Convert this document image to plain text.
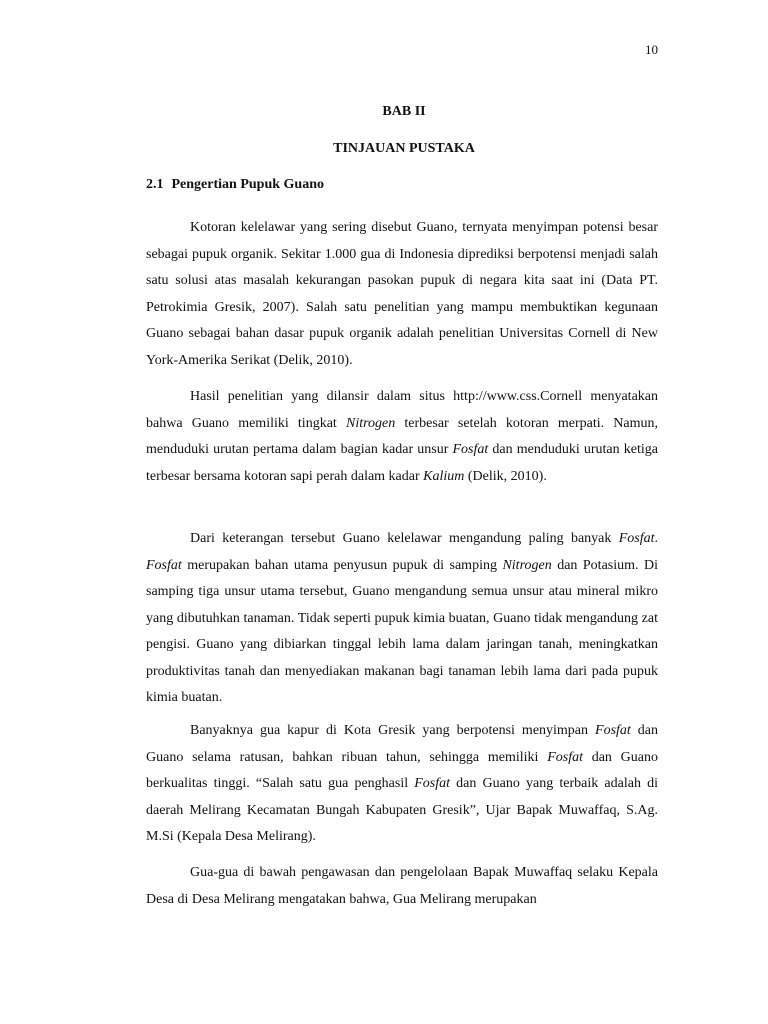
10
BAB II
TINJAUAN PUSTAKA
2.1 Pengertian Pupuk Guano

Kotoran kelelawar yang sering disebut Guano, ternyata menyimpan potensi besar sebagai pupuk organik. Sekitar 1.000 gua di Indonesia diprediksi berpotensi menjadi salah satu solusi atas masalah kekurangan pasokan pupuk di negara kita saat ini (Data PT. Petrokimia Gresik, 2007). Salah satu penelitian yang mampu membuktikan kegunaan Guano sebagai bahan dasar pupuk organik adalah penelitian Universitas Cornell di New York-Amerika Serikat (Delik, 2010).

Hasil penelitian yang dilansir dalam situs http://www.css.Cornell menyatakan bahwa Guano memiliki tingkat Nitrogen terbesar setelah kotoran merpati. Namun, menduduki urutan pertama dalam bagian kadar unsur Fosfat dan menduduki urutan ketiga terbesar bersama kotoran sapi perah dalam kadar Kalium (Delik, 2010).

Dari keterangan tersebut Guano kelelawar mengandung paling banyak Fosfat. Fosfat merupakan bahan utama penyusun pupuk di samping Nitrogen dan Potasium. Di samping tiga unsur utama tersebut, Guano mengandung semua unsur atau mineral mikro yang dibutuhkan tanaman. Tidak seperti pupuk kimia buatan, Guano tidak mengandung zat pengisi. Guano yang dibiarkan tinggal lebih lama dalam jaringan tanah, meningkatkan produktivitas tanah dan menyediakan makanan bagi tanaman lebih lama dari pada pupuk kimia buatan.

Banyaknya gua kapur di Kota Gresik yang berpotensi menyimpan Fosfat dan Guano selama ratusan, bahkan ribuan tahun, sehingga memiliki Fosfat dan Guano berkualitas tinggi. “Salah satu gua penghasil Fosfat dan Guano yang terbaik adalah di daerah Melirang Kecamatan Bungah Kabupaten Gresik”, Ujar Bapak Muwaffaq, S.Ag. M.Si (Kepala Desa Melirang).

Gua-gua di bawah pengawasan dan pengelolaan Bapak Muwaffaq selaku Kepala Desa di Desa Melirang mengatakan bahwa, Gua Melirang merupakan
